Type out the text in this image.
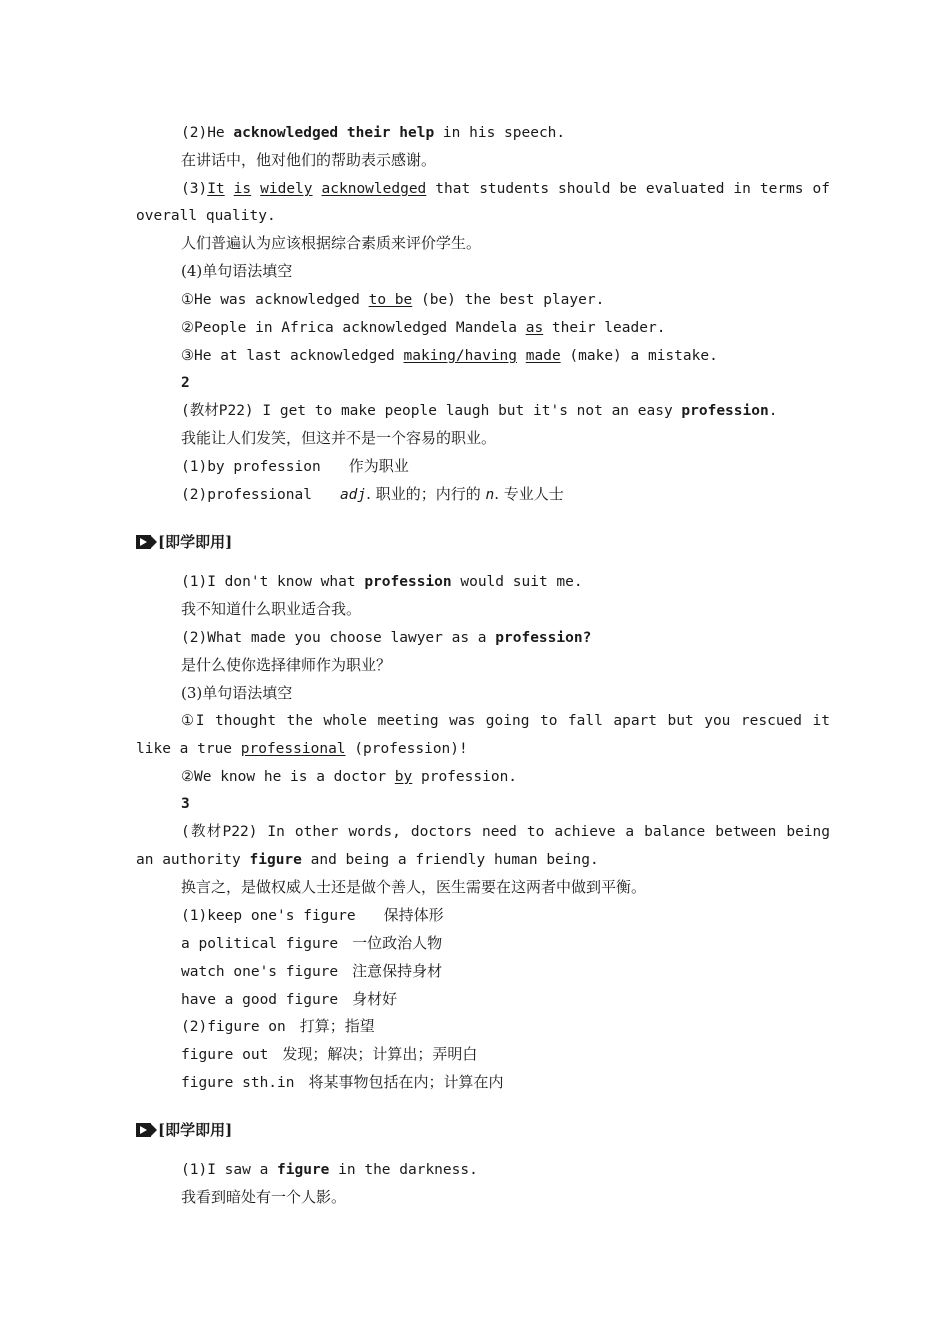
(2)He acknowledged their help in his speech.
在讲话中，他对他们的帮助表示感谢。
(3)It is widely acknowledged that students should be evaluated in terms of
overall quality.
人们普遍认为应该根据综合素质来评价学生。
(4)单句语法填空
①He was acknowledged to be (be) the best player.
②People in Africa acknowledged Mandela as their leader.
③He at last acknowledged making/having made (make) a mistake.
2
(教材P22) I get to make people laugh but it's not an easy profession.
我能让人们发笑，但这并不是一个容易的职业。
(1)by profession 作为职业
(2)professional adj. 职业的；内行的 n. 专业人士
[即学即用]
(1)I don't know what profession would suit me.
我不知道什么职业适合我。
(2)What made you choose lawyer as a profession?
是什么使你选择律师作为职业？
(3)单句语法填空
①I thought the whole meeting was going to fall apart but you rescued it
like a true professional (profession)!
②We know he is a doctor by profession.
3
(教材P22) In other words, doctors need to achieve a balance between being
an authority figure and being a friendly human being.
换言之，是做权威人士还是做个善人，医生需要在这两者中做到平衡。
(1)keep one's figure 保持体形
a political figure 一位政治人物
watch one's figure 注意保持身材
have a good figure 身材好
(2)figure on 打算；指望
figure out 发现；解决；计算出；弄明白
figure sth.in 将某事物包括在内；计算在内
[即学即用]
(1)I saw a figure in the darkness.
我看到暗处有一个人影。
